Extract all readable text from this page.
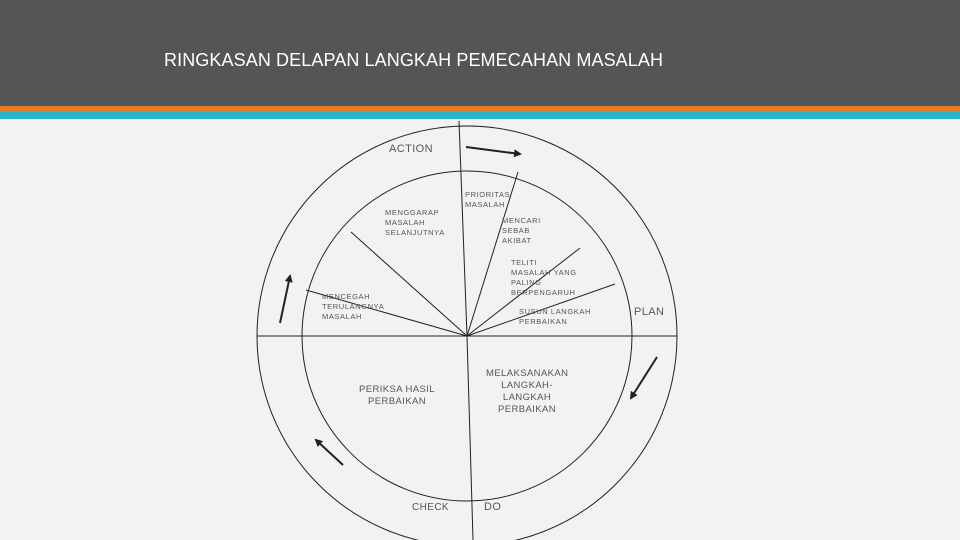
RINGKASAN DELAPAN LANGKAH PEMECAHAN MASALAH
ACTION
PLAN
DO
CHECK
PRIORITAS MASALAH
MENCARI SEBAB AKIBAT
TELITI MASALAH YANG PALING BERPENGARUH
SUSUN LANGKAH PERBAIKAN
MENGGARAP MASALAH SELANJUTNYA
MENCEGAH TERULANGNYA MASALAH
MELAKSANAKAN LANGKAH-LANGKAH PERBAIKAN
PERIKSA HASIL PERBAIKAN
